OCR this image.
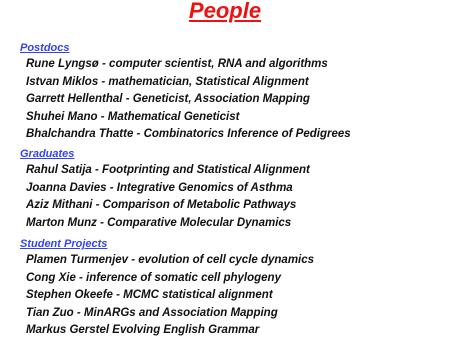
People
Postdocs
Rune Lyngsø - computer scientist, RNA and algorithms
Istvan Miklos - mathematician, Statistical Alignment
Garrett Hellenthal - Geneticist, Association Mapping
Shuhei Mano - Mathematical Geneticist
Bhalchandra Thatte - Combinatorics Inference of Pedigrees
Graduates
Rahul Satija - Footprinting and Statistical Alignment
Joanna Davies - Integrative Genomics of Asthma
Aziz Mithani - Comparison of Metabolic Pathways
Marton Munz - Comparative Molecular Dynamics
Student Projects
Plamen Turmenjev - evolution of cell cycle dynamics
Cong Xie - inference of somatic cell phylogeny
Stephen Okeefe - MCMC statistical alignment
Tian Zuo - MinARGs and Association Mapping
Markus Gerstel Evolving English Grammar
